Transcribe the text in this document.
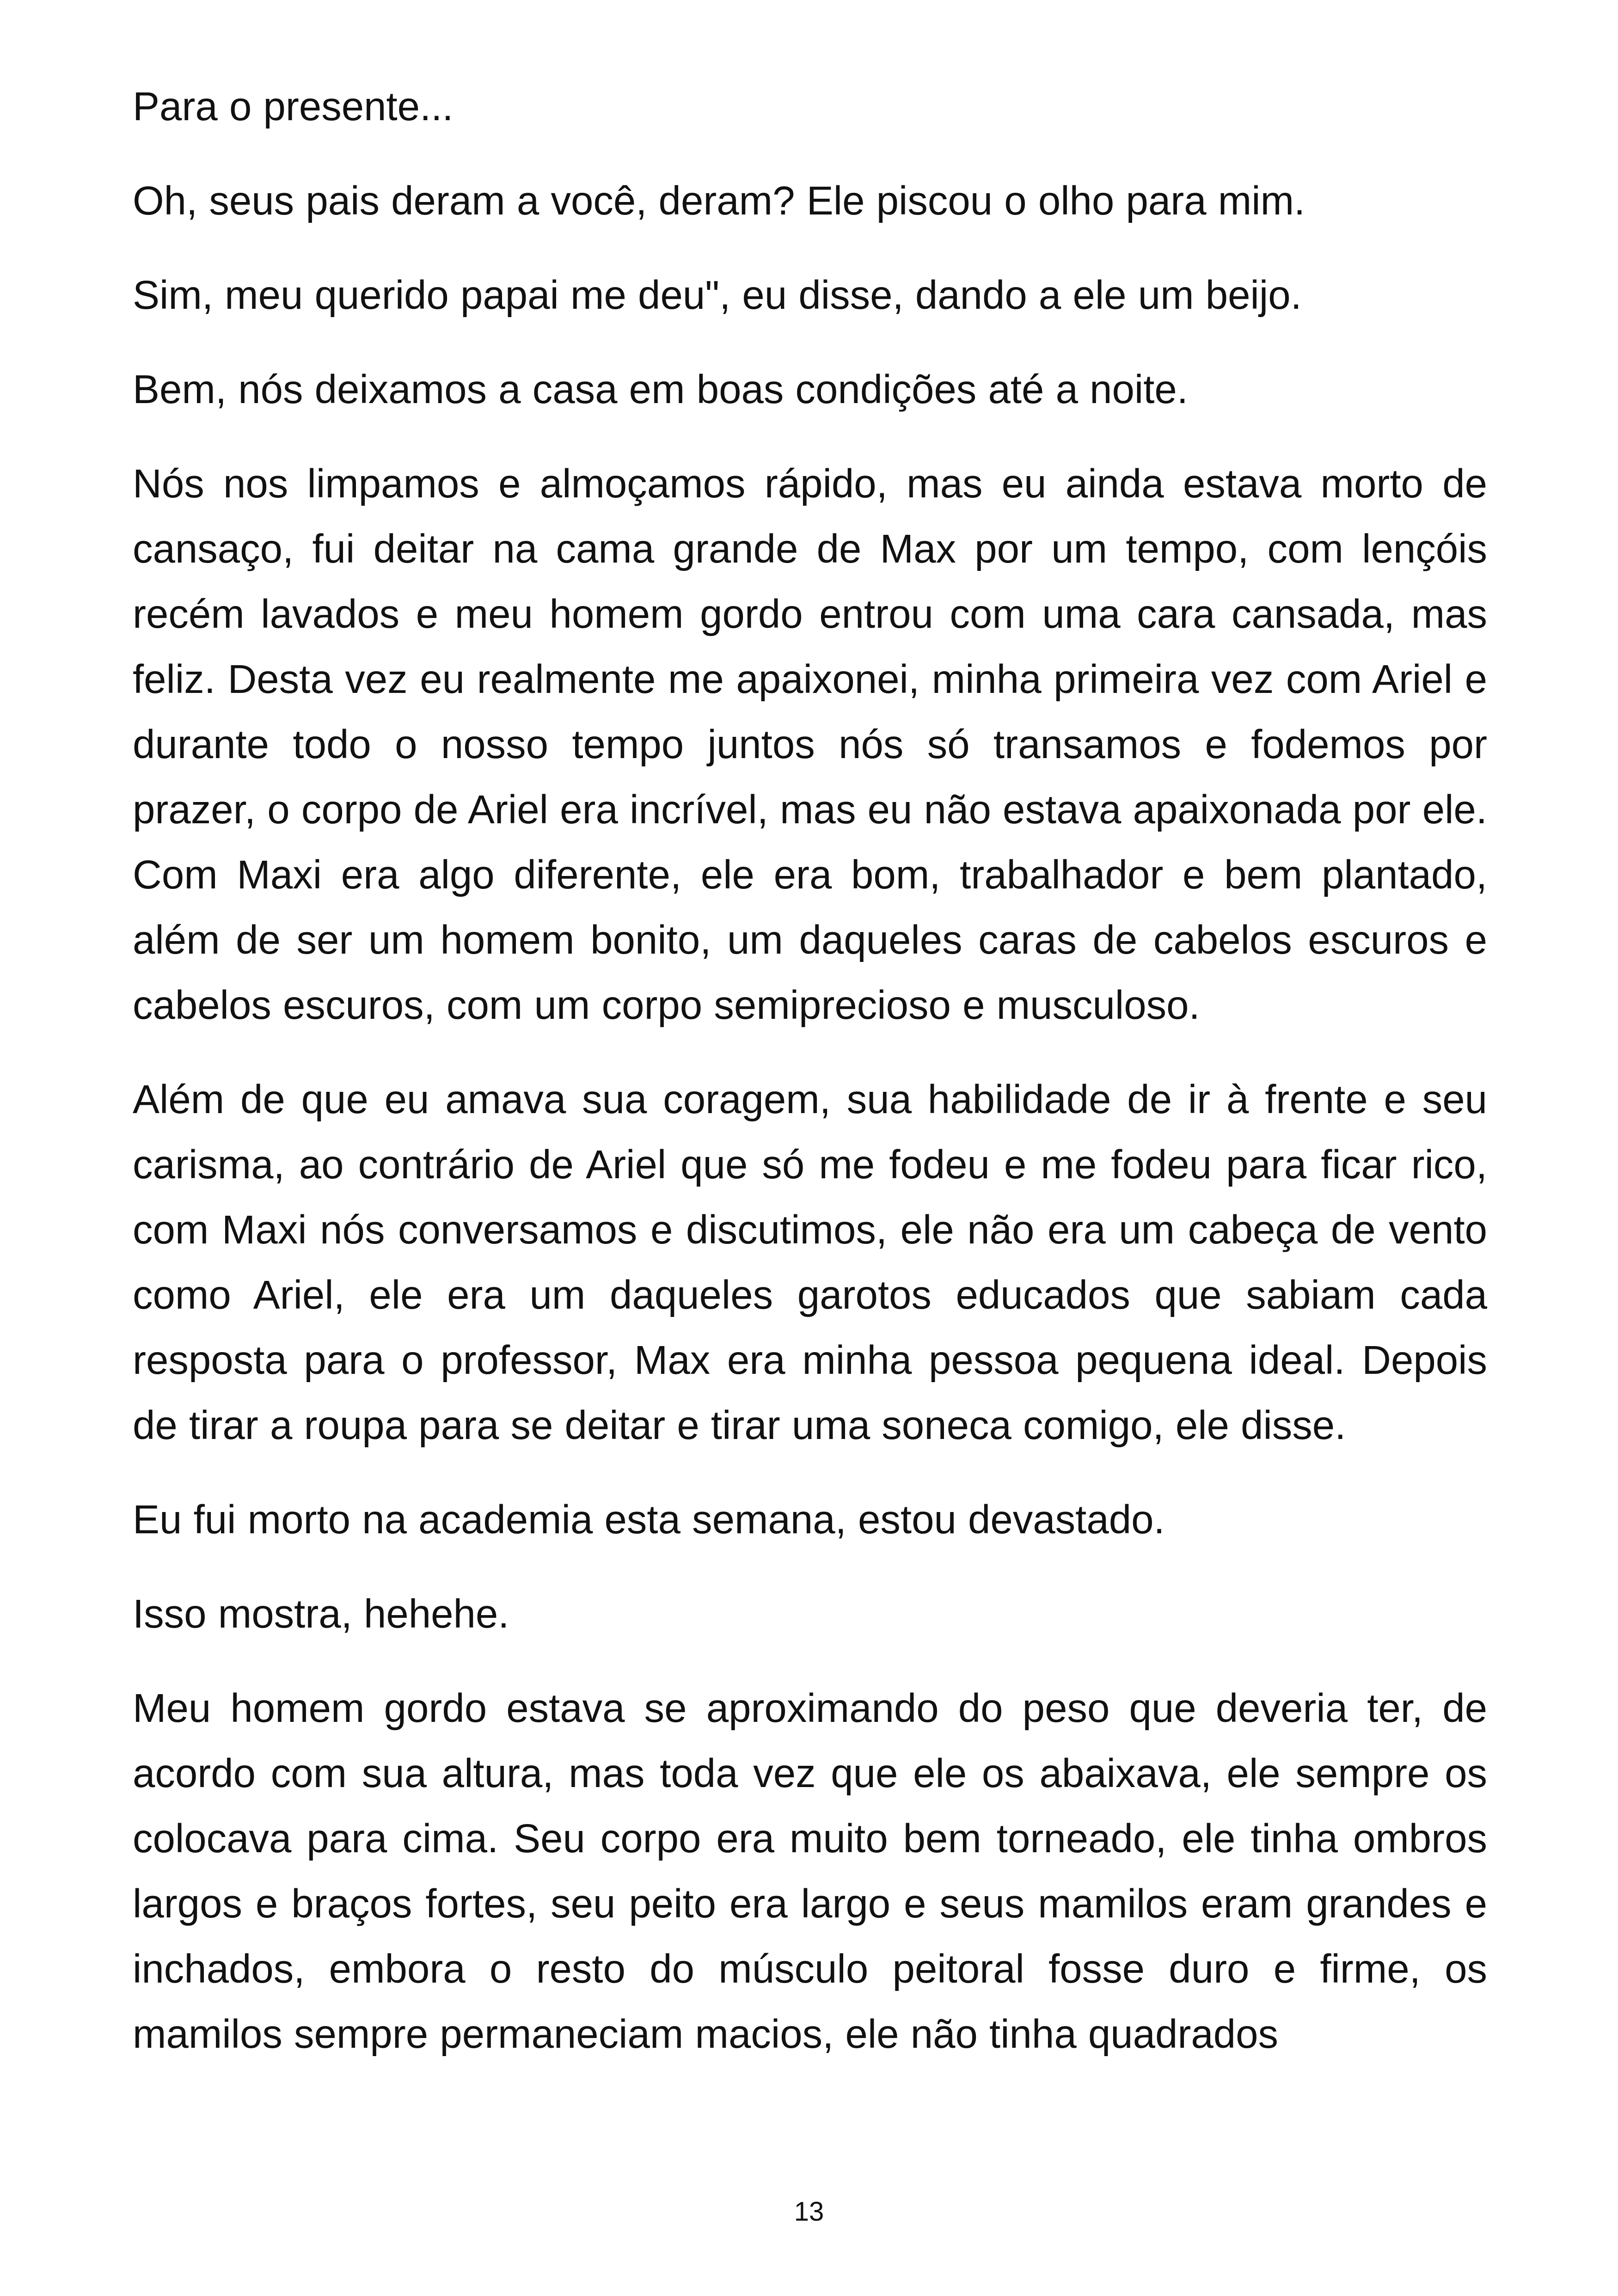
Para o presente...

Oh, seus pais deram a você, deram? Ele piscou o olho para mim.

Sim, meu querido papai me deu", eu disse, dando a ele um beijo.

Bem, nós deixamos a casa em boas condições até a noite.

Nós nos limpamos e almoçamos rápido, mas eu ainda estava morto de cansaço, fui deitar na cama grande de Max por um tempo, com lençóis recém lavados e meu homem gordo entrou com uma cara cansada, mas feliz. Desta vez eu realmente me apaixonei, minha primeira vez com Ariel e durante todo o nosso tempo juntos nós só transamos e fodemos por prazer, o corpo de Ariel era incrível, mas eu não estava apaixonada por ele. Com Maxi era algo diferente, ele era bom, trabalhador e bem plantado, além de ser um homem bonito, um daqueles caras de cabelos escuros e cabelos escuros, com um corpo semiprecioso e musculoso.

Além de que eu amava sua coragem, sua habilidade de ir à frente e seu carisma, ao contrário de Ariel que só me fodeu e me fodeu para ficar rico, com Maxi nós conversamos e discutimos, ele não era um cabeça de vento como Ariel, ele era um daqueles garotos educados que sabiam cada resposta para o professor, Max era minha pessoa pequena ideal. Depois de tirar a roupa para se deitar e tirar uma soneca comigo, ele disse.

Eu fui morto na academia esta semana, estou devastado.

Isso mostra, hehehe.

Meu homem gordo estava se aproximando do peso que deveria ter, de acordo com sua altura, mas toda vez que ele os abaixava, ele sempre os colocava para cima. Seu corpo era muito bem torneado, ele tinha ombros largos e braços fortes, seu peito era largo e seus mamilos eram grandes e inchados, embora o resto do músculo peitoral fosse duro e firme, os mamilos sempre permaneciam macios, ele não tinha quadrados

13
